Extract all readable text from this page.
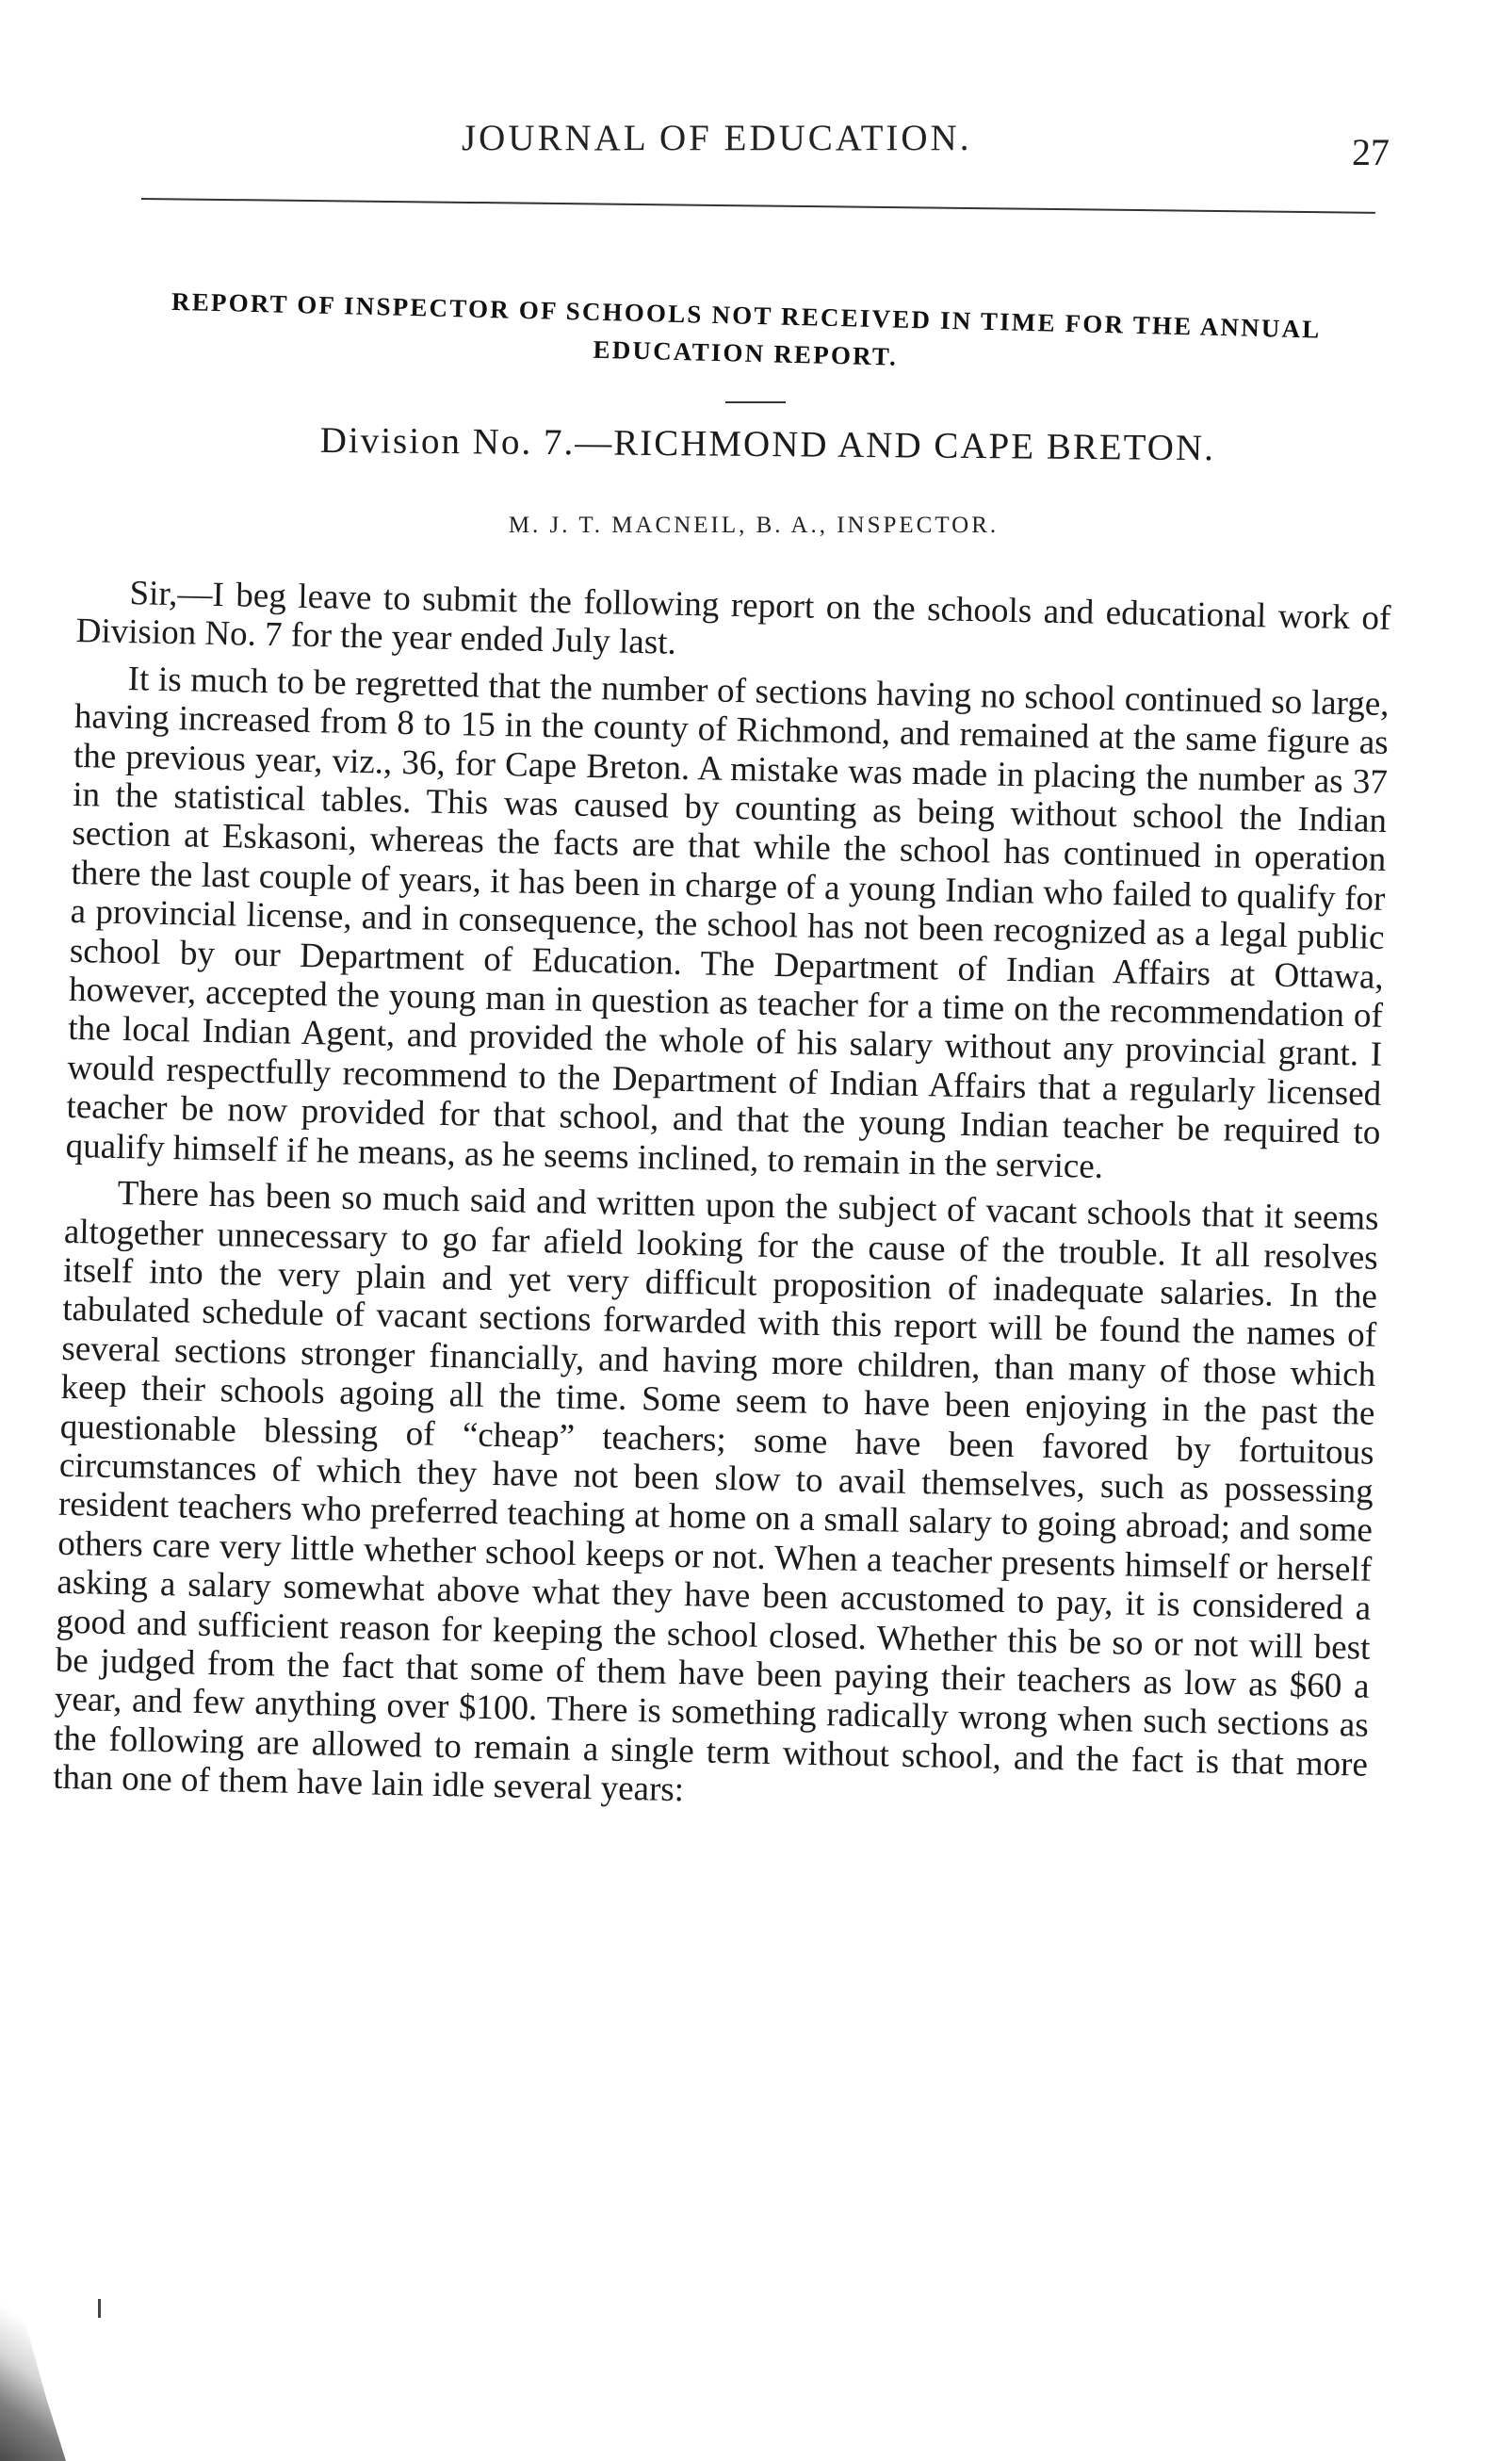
JOURNAL OF EDUCATION.	27
REPORT OF INSPECTOR OF SCHOOLS NOT RECEIVED IN TIME FOR THE ANNUAL
EDUCATION REPORT.
Division No. 7.—RICHMOND AND CAPE BRETON.
M. J. T. MACNEIL, B. A., INSPECTOR.

Sir,—I beg leave to submit the following report on the schools and educational work of Division No. 7 for the year ended July last.

It is much to be regretted that the number of sections having no school continued so large, having increased from 8 to 15 in the county of Richmond, and remained at the same figure as the previous year, viz., 36, for Cape Breton. A mistake was made in placing the number as 37 in the statistical tables. This was caused by counting as being without school the Indian section at Eskasoni, whereas the facts are that while the school has continued in operation there the last couple of years, it has been in charge of a young Indian who failed to qualify for a provincial license, and in consequence, the school has not been recognized as a legal public school by our Department of Education. The Department of Indian Affairs at Ottawa, however, accepted the young man in question as teacher for a time on the recommendation of the local Indian Agent, and provided the whole of his salary without any provincial grant. I would respectfully recommend to the Department of Indian Affairs that a regularly licensed teacher be now provided for that school, and that the young Indian teacher be required to qualify himself if he means, as he seems inclined, to remain in the service.

There has been so much said and written upon the subject of vacant schools that it seems altogether unnecessary to go far afield looking for the cause of the trouble. It all resolves itself into the very plain and yet very difficult proposition of inadequate salaries. In the tabulated schedule of vacant sections forwarded with this report will be found the names of several sections stronger financially, and having more children, than many of those which keep their schools agoing all the time. Some seem to have been enjoying in the past the questionable blessing of “cheap” teachers; some have been favored by fortuitous circumstances of which they have not been slow to avail themselves, such as possessing resident teachers who preferred teaching at home on a small salary to going abroad; and some others care very little whether school keeps or not. When a teacher presents himself or herself asking a salary somewhat above what they have been accustomed to pay, it is considered a good and sufficient reason for keeping the school closed. Whether this be so or not will best be judged from the fact that some of them have been paying their teachers as low as $60 a year, and few anything over $100. There is something radically wrong when such sections as the following are allowed to remain a single term without school, and the fact is that more than one of them have lain idle several years:
